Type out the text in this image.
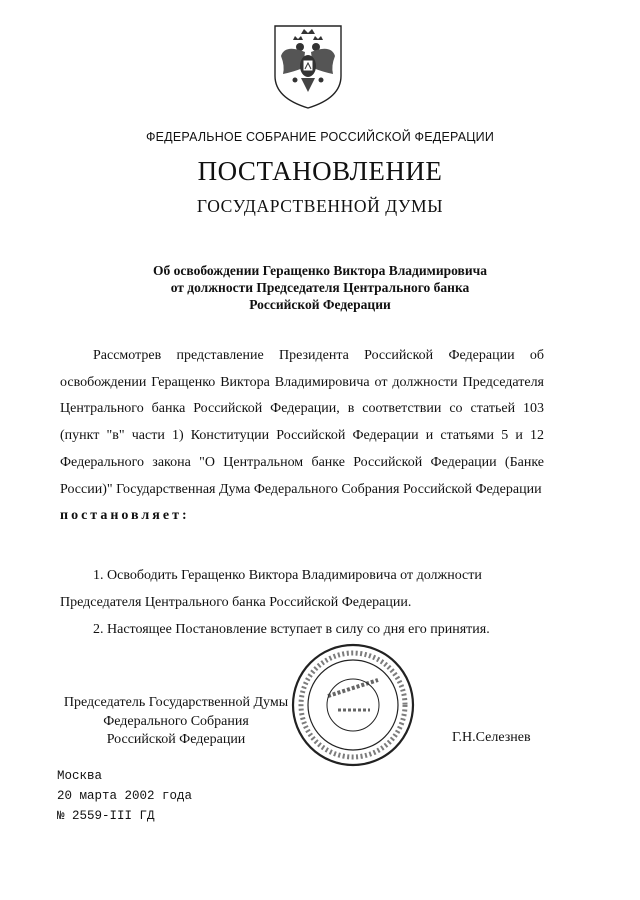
ФЕДЕРАЛЬНОЕ СОБРАНИЕ РОССИЙСКОЙ ФЕДЕРАЦИИ
ПОСТАНОВЛЕНИЕ
ГОСУДАРСТВЕННОЙ ДУМЫ
Об освобождении Геращенко Виктора Владимировича
от должности Председателя Центрального банка
Российской Федерации

Рассмотрев представление Президента Российской Федерации об освобождении Геращенко Виктора Владимировича от должности Председателя Центрального банка Российской Федерации, в соответствии со статьей 103 (пункт "в" части 1) Конституции Российской Федерации и статьями 5 и 12 Федерального закона "О Центральном банке Российской Федерации (Банке России)" Государственная Дума Федерального Собрания Российской Федерации

постановляет:

1. Освободить Геращенко Виктора Владимировича от должности Председателя Центрального банка Российской Федерации.

2. Настоящее Постановление вступает в силу со дня его принятия.

Председатель Государственной Думы
Федерального Собрания
Российской Федерации	Г.Н.Селезнев
Москва
20 марта 2002 года
№ 2559-III ГД
